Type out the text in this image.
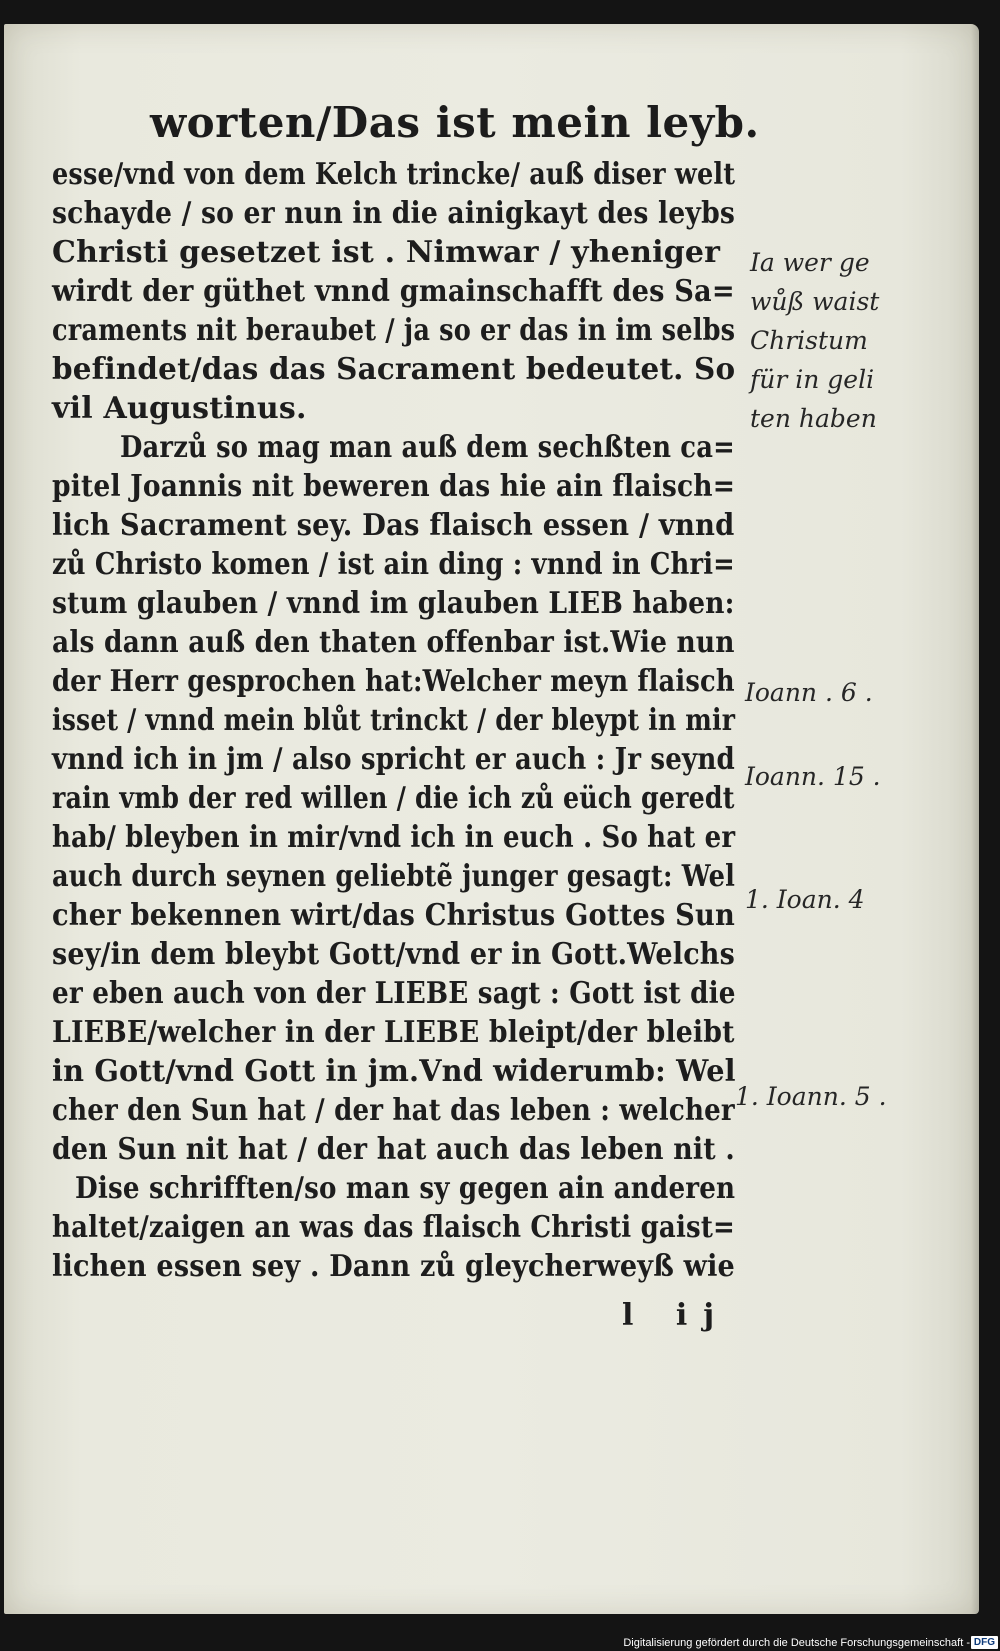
worten/Das ist mein leyb.
esse/vnd von dem Kelch trincke/ auß diser welt
schayde / so er nun in die ainigkayt des leybs
Christi gesetzet ist . Nimwar / yheniger
wirdt der güthet vnnd gmainschafft des Sa=
craments nit beraubet / ja so er das in im selbs
befindet/das das Sacrament bedeutet. So
vil Augustinus.
Darzů so mag man auß dem sechßten ca=
pitel Joannis nit beweren das hie ain flaisch=
lich Sacrament sey. Das flaisch essen / vnnd
zů Christo komen / ist ain ding : vnnd in Chri=
stum glauben / vnnd im glauben LIEB haben:
als dann auß den thaten offenbar ist.Wie nun
der Herr gesprochen hat:Welcher meyn flaisch
isset / vnnd mein blůt trinckt / der bleypt in mir
vnnd ich in jm / also spricht er auch : Jr seynd
rain vmb der red willen / die ich zů eüch geredt
hab/ bleyben in mir/vnd ich in euch . So hat er
auch durch seynen geliebtẽ junger gesagt: Wel
cher bekennen wirt/das Christus Gottes Sun
sey/in dem bleybt Gott/vnd er in Gott.Welchs
er eben auch von der LIEBE sagt : Gott ist die
LIEBE/welcher in der LIEBE bleipt/der bleibt
in Gott/vnd Gott in jm.Vnd widerumb: Wel
cher den Sun hat / der hat das leben : welcher
den Sun nit hat / der hat auch das leben nit .
Dise schrifften/so man sy gegen ain anderen
haltet/zaigen an was das flaisch Christi gaist=
lichen essen sey . Dann zů gleycherweyß wie
Ia wer ge
wůß waist
Christum
für in geli
ten haben
Ioann . 6 .
Ioann. 15 .
1. Ioan. 4
1. Ioann. 5 .
l ij
Digitalisierung gefördert durch die Deutsche Forschungsgemeinschaft - DFG
